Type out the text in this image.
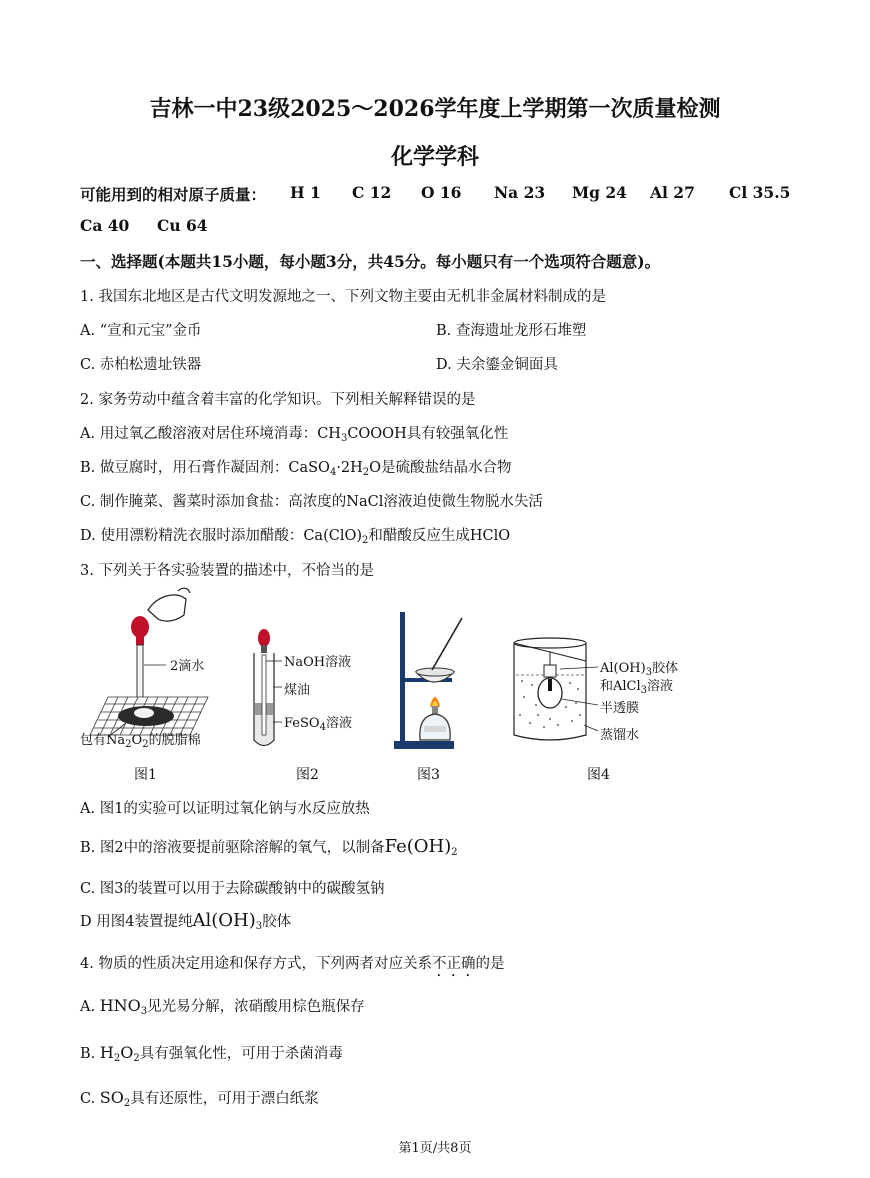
吉林一中23级2025～2026学年度上学期第一次质量检测
化学学科
可能用到的相对原子质量： H 1 C 12 O 16 Na 23 Mg 24 Al 27 Cl 35.5
Ca 40 Cu 64
一、选择题(本题共15小题，每小题3分，共45分。每小题只有一个选项符合题意)。
1. 我国东北地区是古代文明发源地之一、下列文物主要由无机非金属材料制成的是
A. “宣和元宝”金币	B. 查海遗址龙形石堆塑
C. 赤柏松遗址铁器	D. 夫余鎏金铜面具
2. 家务劳动中蕴含着丰富的化学知识。下列相关解释错误的是
A. 用过氧乙酸溶液对居住环境消毒：$CH_3COOOH$具有较强氧化性
B. 做豆腐时，用石膏作凝固剂：$CaSO_4\cdot 2H_2O$是硫酸盐结晶水合物
C. 制作腌菜、酱菜时添加食盐：高浓度的NaCl溶液迫使微生物脱水失活
D. 使用漂粉精洗衣服时添加醋酸：$Ca(ClO)_2$和醋酸反应生成HClO
3. 下列关于各实验装置的描述中，不恰当的是
2滴水
包有$Na_2O_2$的脱脂棉
图1
NaOH溶液
煤油
FeSO$_4$溶液
图2	图3
$Al(OH)_3$胶体
和AlCl$_3$溶液
半透膜
蒸馏水
图4
A. 图1的实验可以证明过氧化钠与水反应放热
B. 图2中的溶液要提前驱除溶解的氧气，以制备$Fe(OH)_2$
C. 图3的装置可以用于去除碳酸钠中的碳酸氢钠
D 用图4装置提纯$Al(OH)_3$胶体
4. 物质的性质决定用途和保存方式，下列两者对应关系不正确的是
A. $HNO_3$见光易分解，浓硝酸用棕色瓶保存
B. $H_2O_2$具有强氧化性，可用于杀菌消毒
C. $SO_2$具有还原性，可用于漂白纸浆
第1页/共8页
